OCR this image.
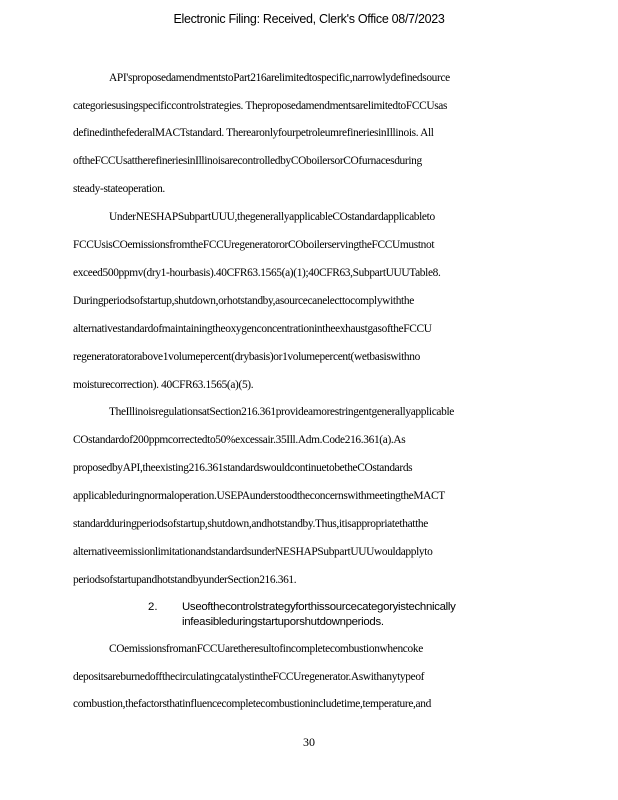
Electronic Filing: Received, Clerk's Office 08/7/2023
API'sproposedamendmentstoPart216arelimitedtospecific,narrowlydefinedsource
categoriesusingspecificcontrolstrategies. TheproposedamendmentsarelimitedtoFCCUsas
definedinthefederalMACTstandard. TherearonlyfourpetroleumrefineriesinIllinois. All
oftheFCCUsattherefineriesinIllinoisarecontrolledbyCOboilersorCOfurnacesduring
steady-stateoperation.
UnderNESHAPSubpartUUU,thegenerallyapplicableCOstandardapplicableto
FCCUsisCOemissionsfromtheFCCUregeneratororCOboilerservingtheFCCUmustnot
exceed500ppmv(dry1-hourbasis).40CFR63.1565(a)(1);40CFR63,SubpartUUUTable8.
Duringperiodsofstartup,shutdown,orhotstandby,asourcecanelecttocomplywiththe
alternativestandardofmaintainingtheoxygenconcentrationintheexhaustgasoftheFCCU
regeneratoratorabove1volumepercent(drybasis)or1volumepercent(wetbasiswithno
moisturecorrection). 40CFR63.1565(a)(5).
TheIllinoisregulationsatSection216.361provideamorestringentgenerallyapplicable
COstandardof200ppmcorrectedto50%excessair.35Ill.Adm.Code216.361(a).As
proposedbyAPI,theexisting216.361standardswouldcontinuetobetheCOstandards
applicableduringnormaloperation.USEPAunderstoodtheconcernswithmeetingtheMACT
standardduringperiodsofstartup,shutdown,andhotstandby.Thus,itisappropriatethatthe
alternativeemissionlimitationandstandardsunderNESHAPSubpartUUUwouldapplyto
periodsofstartupandhotstandbyunderSection216.361.
2. Useofthecontrolstrategyforthissourcecategoryistechnically
infeasibleduringstartuporshutdownperiods.
COemissionsfromanFCCUaretheresultofincompletecombustionwhencoke
depositsareburnedoffthecirculatingcatalystintheFCCUregenerator.Aswithanytypeof
combustion,thefactorsthatinfluencecompletecombustionincludetime,temperature,and
30
